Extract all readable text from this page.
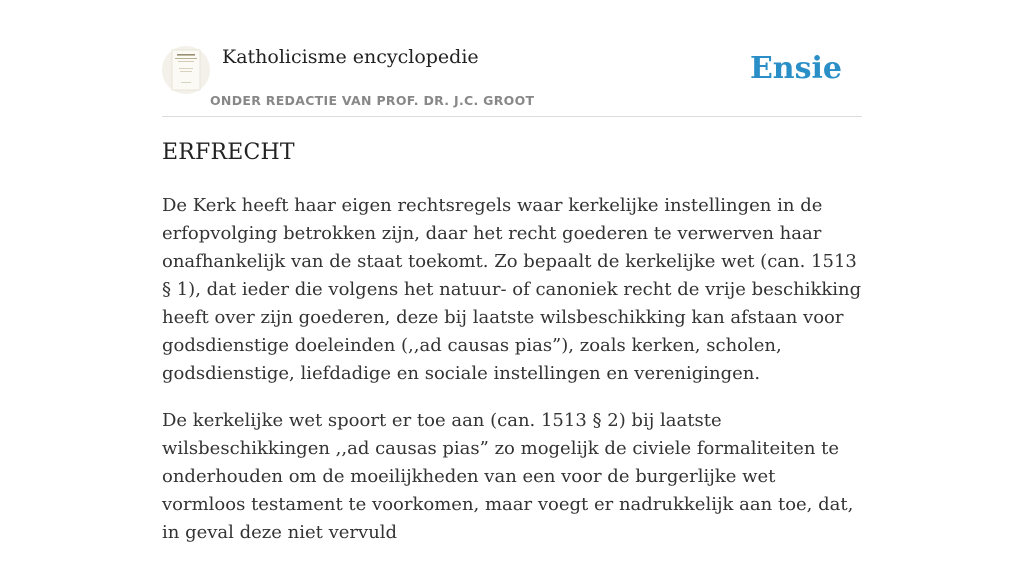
Katholicisme encyclopedie
ONDER REDACTIE VAN PROF. DR. J.C. GROOT
Ensie
ERFRECHT

De Kerk heeft haar eigen rechtsregels waar kerkelijke instellingen in de erfopvolging betrokken zijn, daar het recht goederen te verwerven haar onafhankelijk van de staat toekomt. Zo bepaalt de kerkelijke wet (can. 1513 § 1), dat ieder die volgens het natuur- of canoniek recht de vrije beschikking heeft over zijn goederen, deze bij laatste wilsbeschikking kan afstaan voor godsdienstige doeleinden (,,ad causas pias”), zoals kerken, scholen, godsdienstige, liefdadige en sociale instellingen en verenigingen.

De kerkelijke wet spoort er toe aan (can. 1513 § 2) bij laatste wilsbeschikkingen ,,ad causas pias” zo mogelijk de civiele formaliteiten te onderhouden om de moeilijkheden van een voor de burgerlijke wet vormloos testament te voorkomen, maar voegt er nadrukkelijk aan toe, dat, in geval deze niet vervuld
